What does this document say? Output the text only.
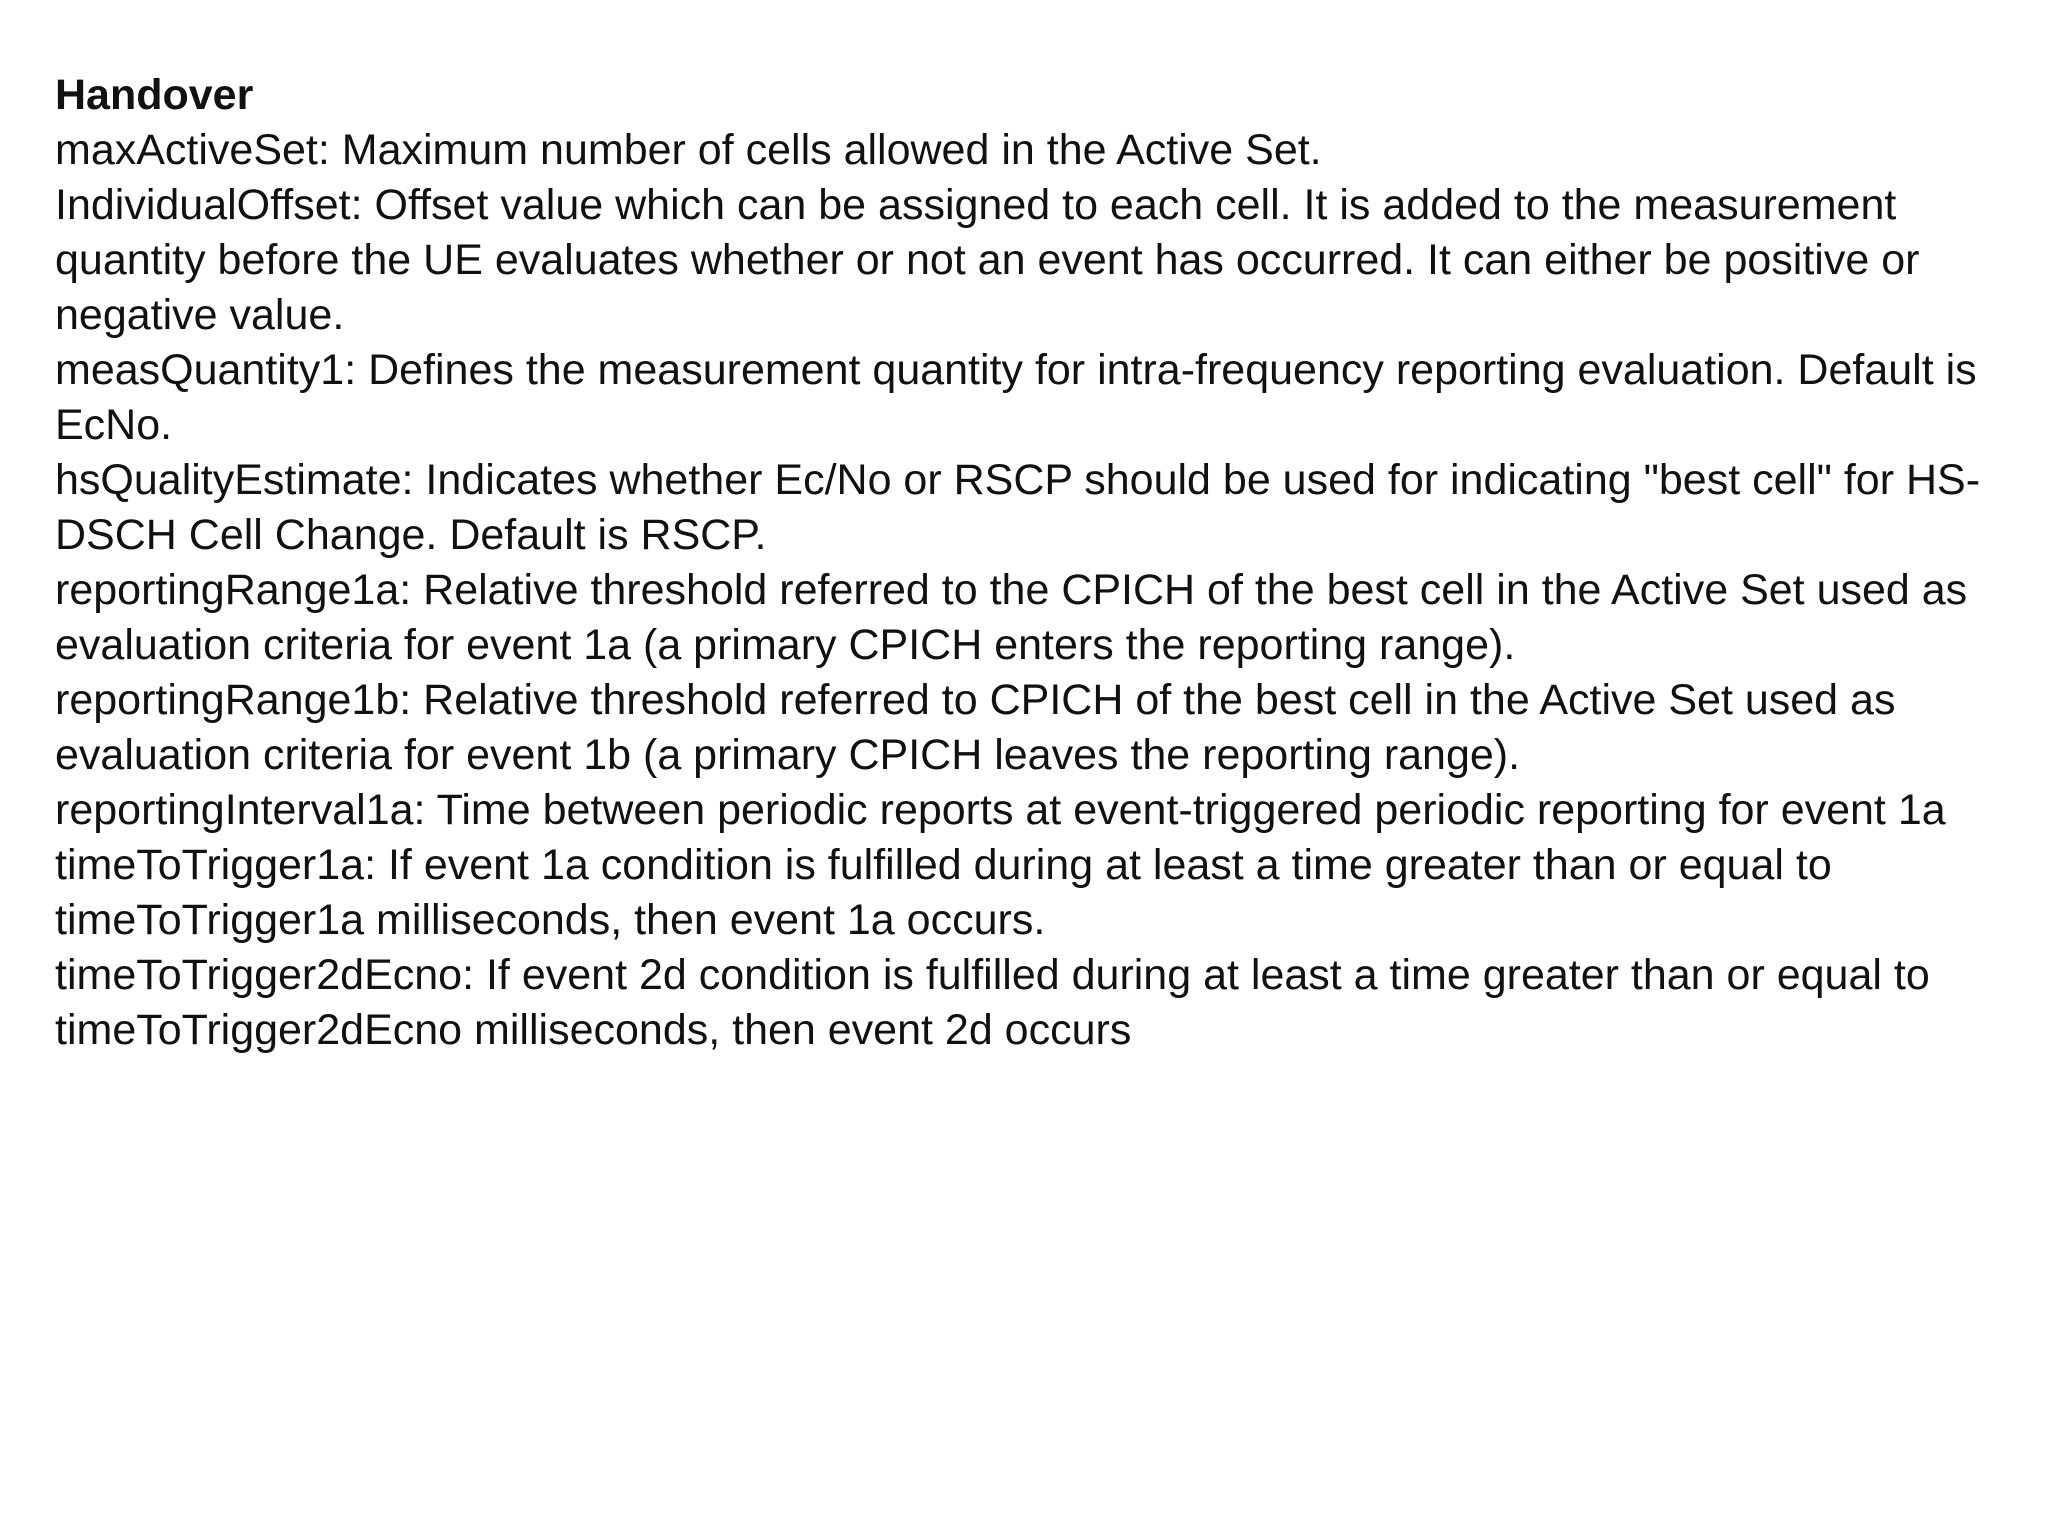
Handover

maxActiveSet: Maximum number of cells allowed in the Active Set.

IndividualOffset: Offset value which can be assigned to each cell. It is added to the measurement quantity before the UE evaluates whether or not an event has occurred. It can either be positive or negative value.

measQuantity1: Defines the measurement quantity for intra-frequency reporting evaluation. Default is EcNo.

hsQualityEstimate: Indicates whether Ec/No or RSCP should be used for indicating "best cell" for HS-DSCH Cell Change. Default is RSCP.

reportingRange1a: Relative threshold referred to the CPICH of the best cell in the Active Set used as evaluation criteria for event 1a (a primary CPICH enters the reporting range).

reportingRange1b: Relative threshold referred to CPICH of the best cell in the Active Set used as evaluation criteria for event 1b (a primary CPICH leaves the reporting range).

reportingInterval1a: Time between periodic reports at event-triggered periodic reporting for event 1a

timeToTrigger1a: If event 1a condition is fulfilled during at least a time greater than or equal to timeToTrigger1a milliseconds, then event 1a occurs.

timeToTrigger2dEcno: If event 2d condition is fulfilled during at least a time greater than or equal to timeToTrigger2dEcno milliseconds, then event 2d occurs
